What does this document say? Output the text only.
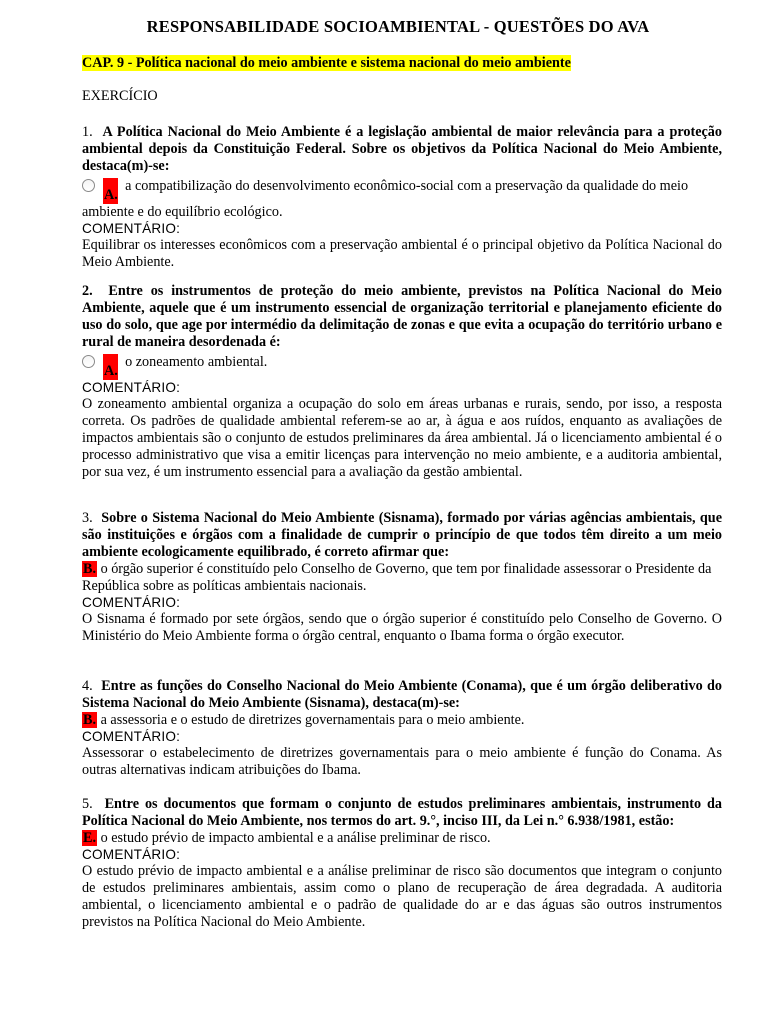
RESPONSABILIDADE SOCIOAMBIENTAL - QUESTÕES DO AVA
CAP. 9 - Política nacional do meio ambiente e sistema nacional do meio ambiente
EXERCÍCIO
1. A Política Nacional do Meio Ambiente é a legislação ambiental de maior relevância para a proteção ambiental depois da Constituição Federal. Sobre os objetivos da Política Nacional do Meio Ambiente, destaca(m)-se:
A.  a compatibilização do desenvolvimento econômico-social com a preservação da qualidade do meio ambiente e do equilíbrio ecológico.
COMENTÁRIO:
Equilibrar os interesses econômicos com a preservação ambiental é o principal objetivo da Política Nacional do Meio Ambiente.
2. Entre os instrumentos de proteção do meio ambiente, previstos na Política Nacional do Meio Ambiente, aquele que é um instrumento essencial de organização territorial e planejamento eficiente do uso do solo, que age por intermédio da delimitação de zonas e que evita a ocupação do território urbano e rural de maneira desordenada é:
A.  o zoneamento ambiental.
COMENTÁRIO:
O zoneamento ambiental organiza a ocupação do solo em áreas urbanas e rurais, sendo, por isso, a resposta correta. Os padrões de qualidade ambiental referem-se ao ar, à água e aos ruídos, enquanto as avaliações de impactos ambientais são o conjunto de estudos preliminares da área ambiental. Já o licenciamento ambiental é o processo administrativo que visa a emitir licenças para intervenção no meio ambiente, e a auditoria ambiental, por sua vez, é um instrumento essencial para a avaliação da gestão ambiental.
3. Sobre o Sistema Nacional do Meio Ambiente (Sisnama), formado por várias agências ambientais, que são instituições e órgãos com a finalidade de cumprir o princípio de que todos têm direito a um meio ambiente ecologicamente equilibrado, é correto afirmar que:
B. o órgão superior é constituído pelo Conselho de Governo, que tem por finalidade assessorar o Presidente da República sobre as políticas ambientais nacionais.
COMENTÁRIO:
O Sisnama é formado por sete órgãos, sendo que o órgão superior é constituído pelo Conselho de Governo. O Ministério do Meio Ambiente forma o órgão central, enquanto o Ibama forma o órgão executor.
4. Entre as funções do Conselho Nacional do Meio Ambiente (Conama), que é um órgão deliberativo do Sistema Nacional do Meio Ambiente (Sisnama), destaca(m)-se:
B. a assessoria e o estudo de diretrizes governamentais para o meio ambiente.
COMENTÁRIO:
Assessorar o estabelecimento de diretrizes governamentais para o meio ambiente é função do Conama. As outras alternativas indicam atribuições do Ibama.
5. Entre os documentos que formam o conjunto de estudos preliminares ambientais, instrumento da Política Nacional do Meio Ambiente, nos termos do art. 9.°, inciso III, da Lei n.° 6.938/1981, estão:
E. o estudo prévio de impacto ambiental e a análise preliminar de risco.
COMENTÁRIO:
O estudo prévio de impacto ambiental e a análise preliminar de risco são documentos que integram o conjunto de estudos preliminares ambientais, assim como o plano de recuperação de área degradada. A auditoria ambiental, o licenciamento ambiental e o padrão de qualidade do ar e das águas são outros instrumentos previstos na Política Nacional do Meio Ambiente.
